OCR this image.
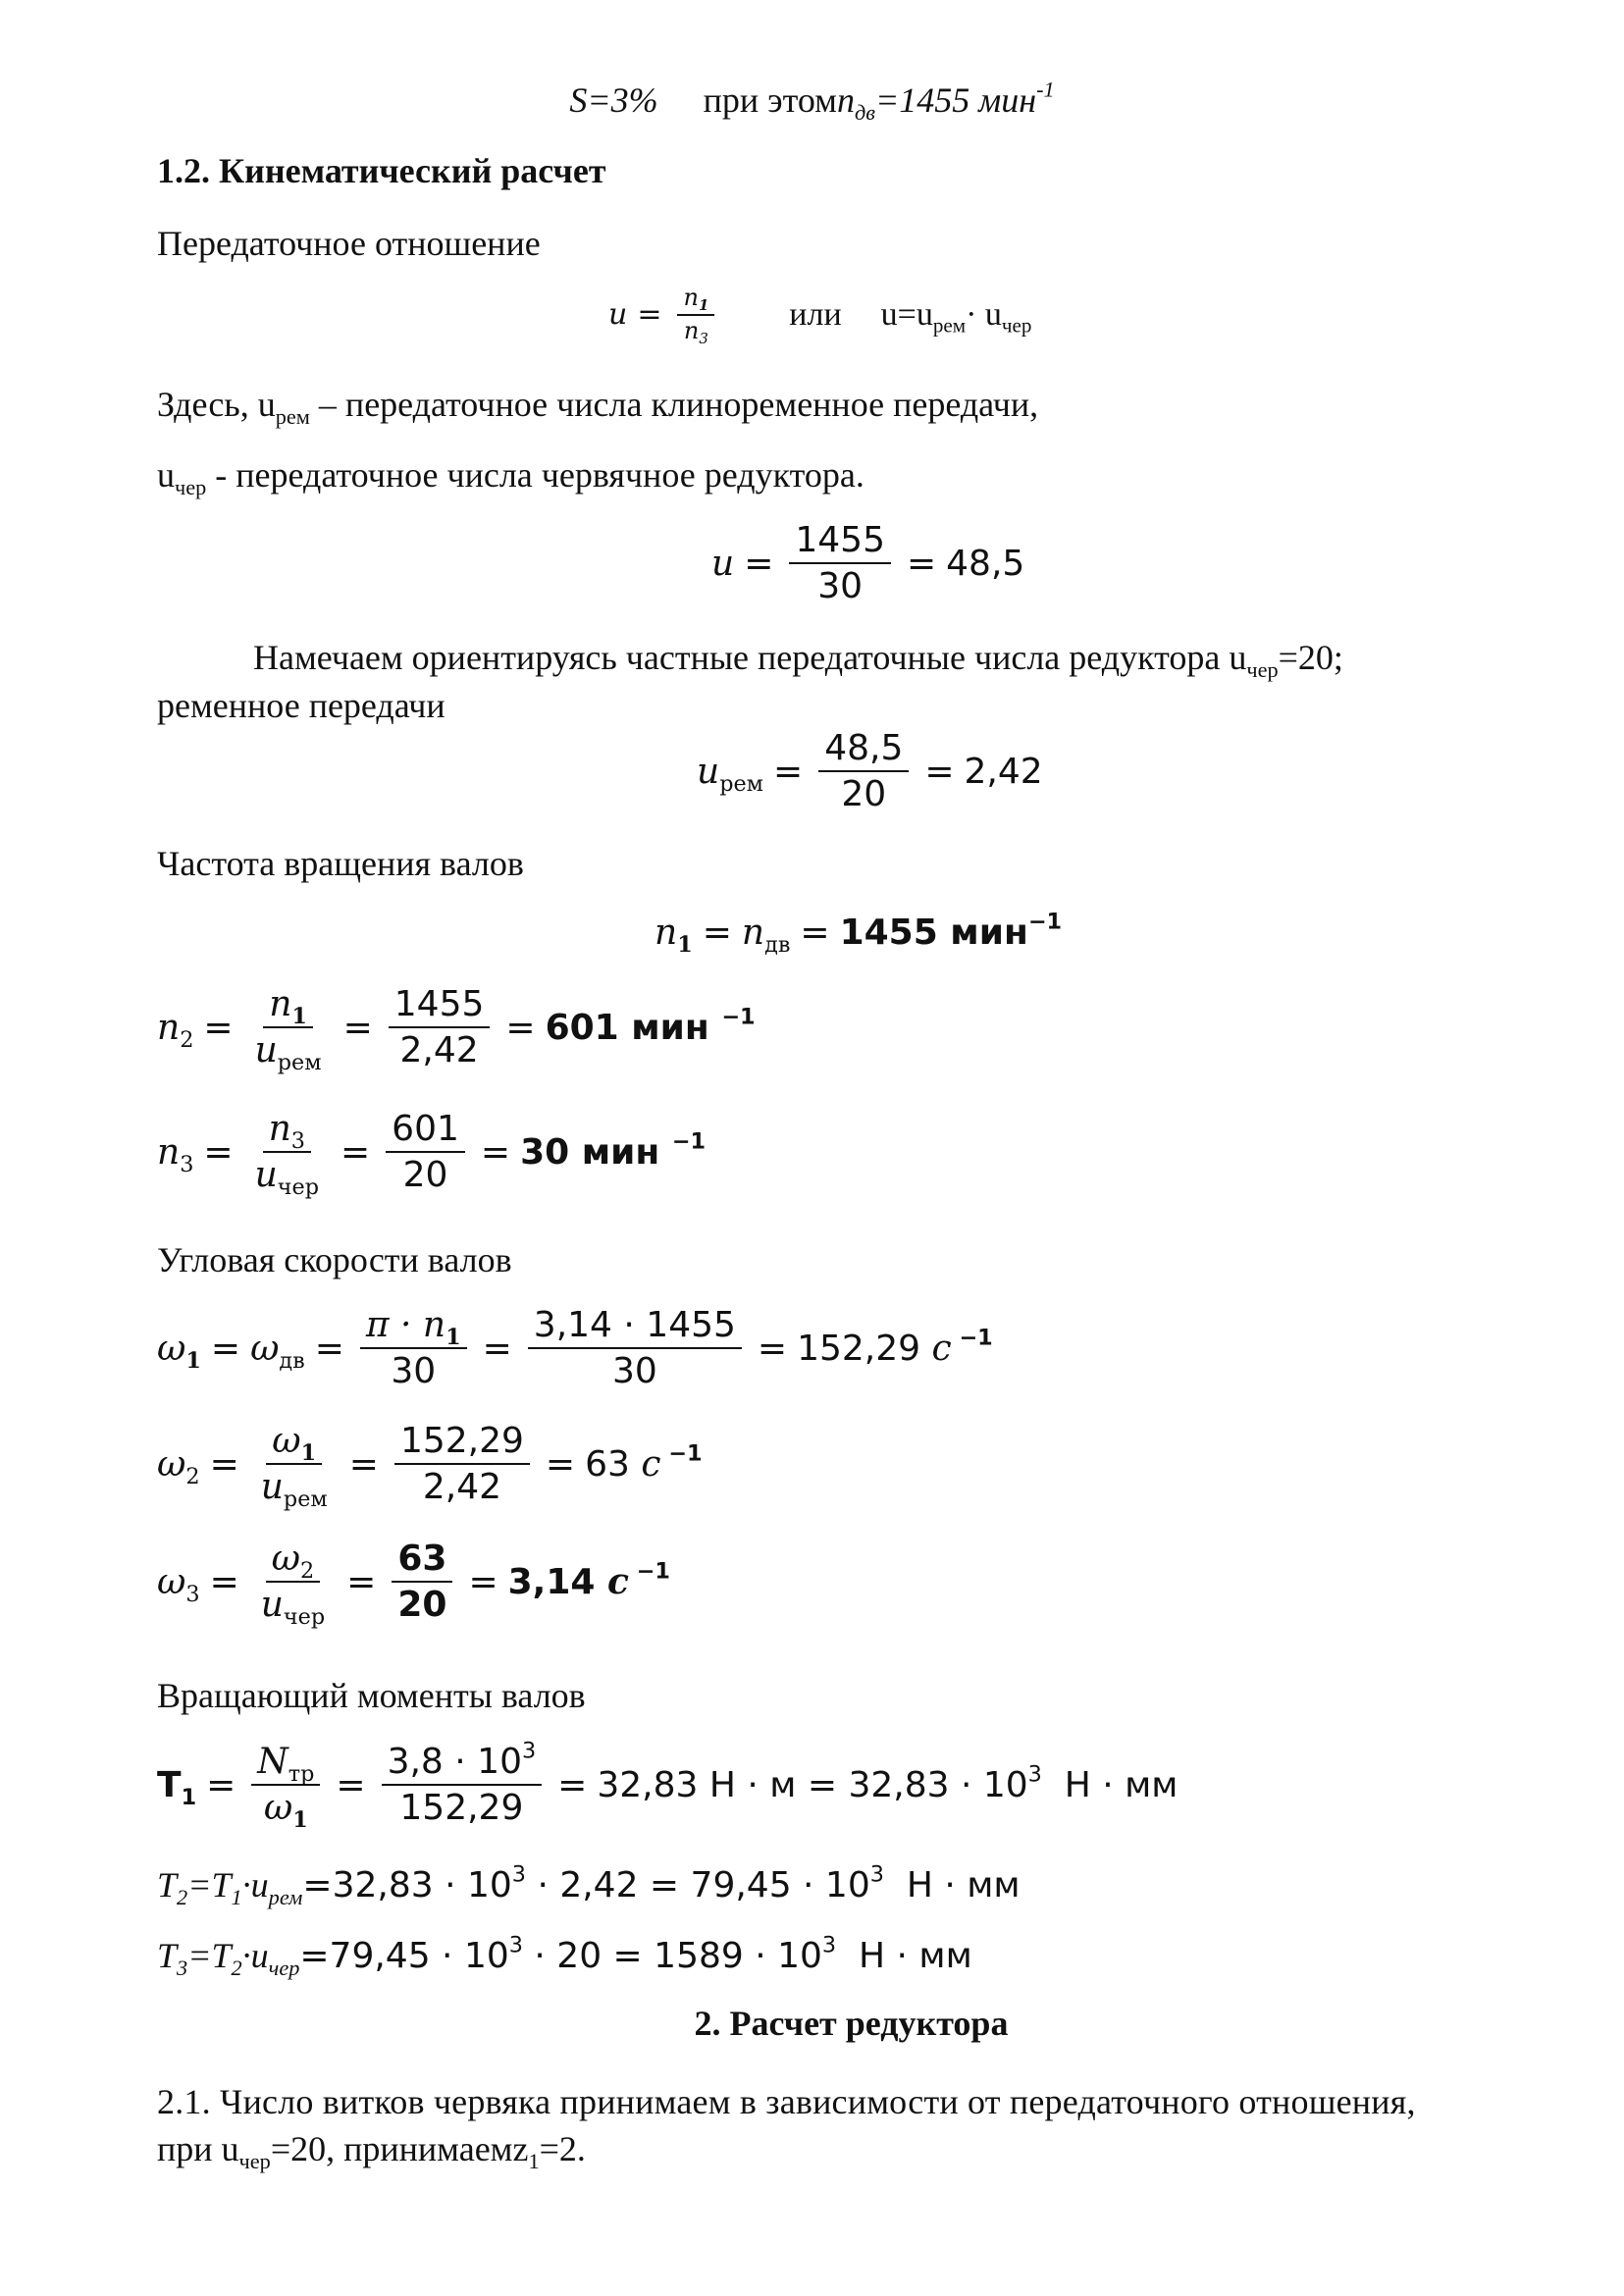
S=3% при этомn$_{дв}$=1455 мин$^{-1}$
1.2. Кинематический расчет
Передаточное отношение
$u = \frac{n_1}{n_3}$ или $u=u_{рем}\cdot u_{чер}$
Здесь, $u_{рем}$ – передаточное числа клиноременное передачи,
$u_{чер}$ - передаточное числа червячное редуктора.
$u = \frac{1455}{30} = 48,5$
Намечаем ориентируясь частные передаточные числа редуктора $u_{чер}=20$;
ременное передачи
$u_{рем} = \frac{48,5}{20} = 2,42$
Частота вращения валов
$n_1 = n_{дв} = 1455$ мин$^{-1}$
$n_2 = \frac{n_1}{u_{рем}} = \frac{1455}{2,42} = 601$ мин $^{-1}$
$n_3 = \frac{n_3}{u_{чер}} = \frac{601}{20} = 30$ мин $^{-1}$
Угловая скорости валов
$\omega_1 = \omega_{дв} = \frac{\pi \cdot n_1}{30} = \frac{3,14 \cdot 1455}{30} = 152,29$ c $^{-1}$
$\omega_2 = \frac{\omega_1}{u_{рем}} = \frac{152,29}{2,42} = 63$ c $^{-1}$
$\omega_3 = \frac{\omega_2}{u_{чер}} = \frac{63}{20} = 3,14$ c $^{-1}$
Вращающий моменты валов
$T_1 = \frac{N_{тр}}{\omega_1} = \frac{3,8 \cdot 10^3}{152,29} = 32,83$ $H \cdot м = 32,83 \cdot 10^3$  H · мм
$T_2=T_1\cdot u_{рем} =32,83 \cdot 10^3 \cdot 2,42 = 79,45 \cdot 10^3$  H · мм
$T_3=T_2\cdot u_{чер} =79,45 \cdot 10^3 \cdot 20 = 1589 \cdot 10^3$  H · мм
2. Расчет редуктора
2.1. Число витков червяка принимаем в зависимости от передаточного отношения,
при $u_{чер}=20$, принимаемz$_1$=2.
